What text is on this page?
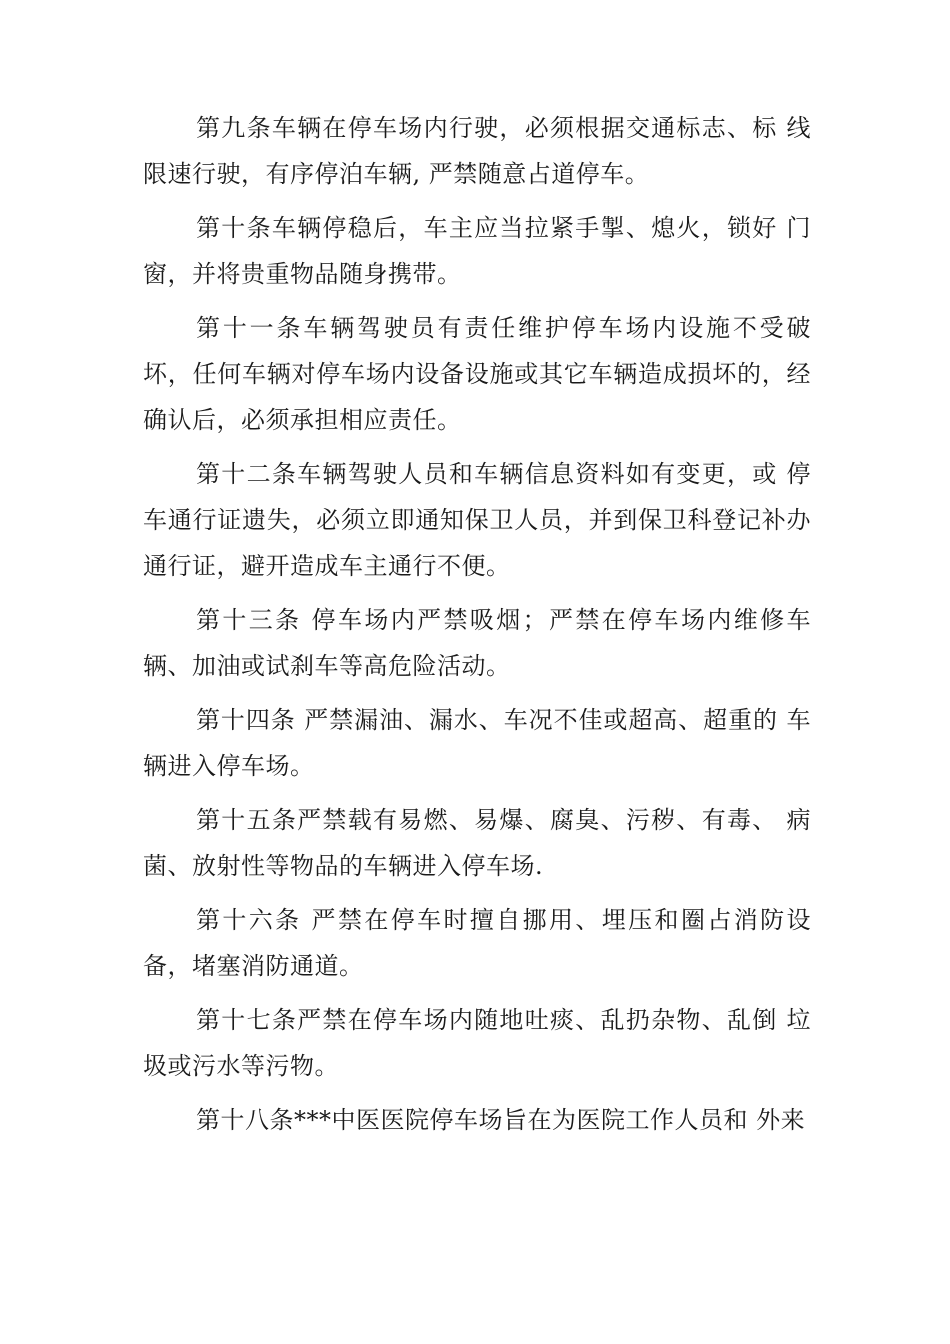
第九条车辆在停车场内行驶，必须根据交通标志、标 线限速行驶，有序停泊车辆, 严禁随意占道停车。

第十条车辆停稳后，车主应当拉紧手掣、熄火，锁好 门窗，并将贵重物品随身携带。

第十一条车辆驾驶员有责任维护停车场内设施不受破 坏，任何车辆对停车场内设备设施或其它车辆造成损坏的，经 确认后，必须承担相应责任。

第十二条车辆驾驶人员和车辆信息资料如有变更，或 停车通行证遗失，必须立即通知保卫人员，并到保卫科登记补办通行证，避开造成车主通行不便。

第十三条 停车场内严禁吸烟；严禁在停车场内维修车辆、加油或试刹车等高危险活动。

第十四条 严禁漏油、漏水、车况不佳或超高、超重的 车辆进入停车场。

第十五条严禁载有易燃、易爆、腐臭、污秽、有毒、 病菌、放射性等物品的车辆进入停车场.

第十六条 严禁在停车时擅自挪用、埋压和圈占消防设备，堵塞消防通道。

第十七条严禁在停车场内随地吐痰、乱扔杂物、乱倒 垃圾或污水等污物。

第十八条***中医医院停车场旨在为医院工作人员和 外来
